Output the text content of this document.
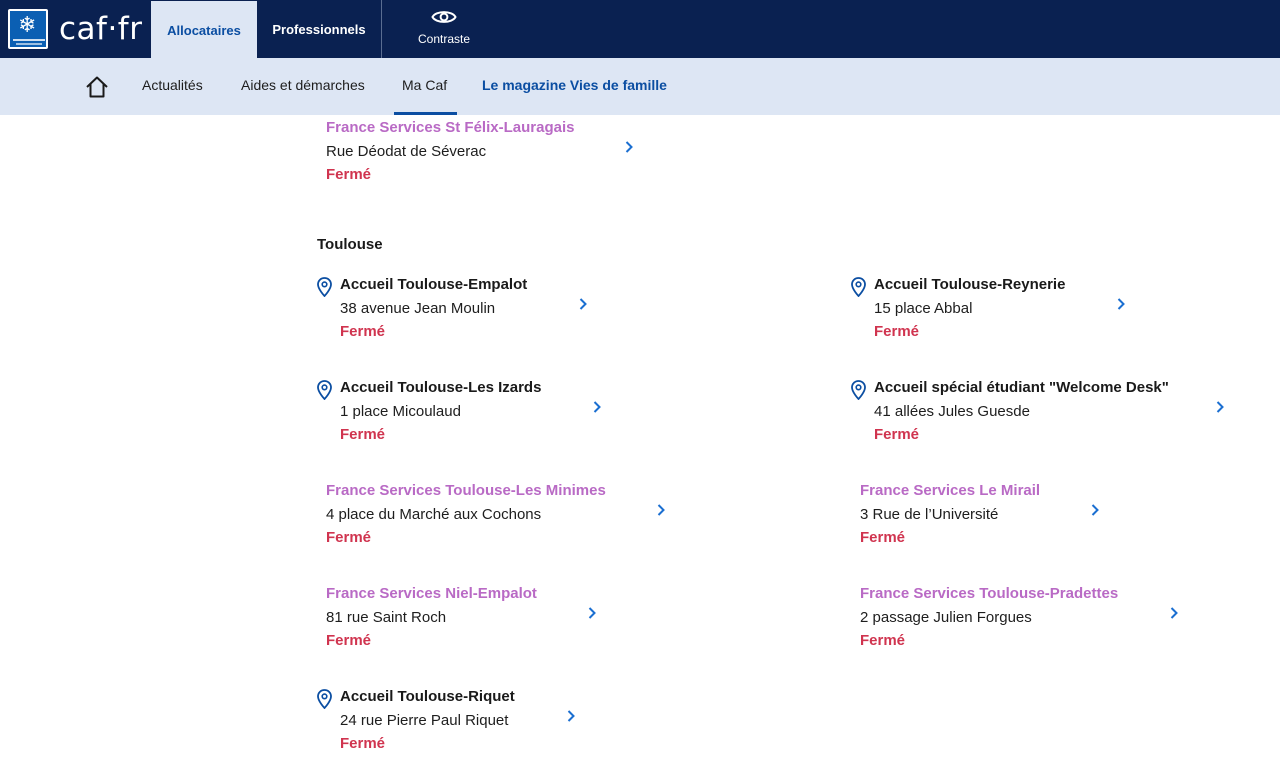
❄ caf·fr	Allocataires	Professionnels
Contraste
Actualités	Aides et démarches	Ma Caf	Le magazine Vies de famille
France Services St Félix-Lauragais
Rue Déodat de Séverac
Fermé
Toulouse
Accueil Toulouse-Empalot
38 avenue Jean Moulin
Fermé
Accueil Toulouse-Reynerie
15 place Abbal
Fermé
Accueil Toulouse-Les Izards
1 place Micoulaud
Fermé
Accueil spécial étudiant "Welcome Desk"
41 allées Jules Guesde
Fermé
France Services Toulouse-Les Minimes
4 place du Marché aux Cochons
Fermé
France Services Le Mirail
3 Rue de l’Université
Fermé
France Services Niel-Empalot
81 rue Saint Roch
Fermé
France Services Toulouse-Pradettes
2 passage Julien Forgues
Fermé
Accueil Toulouse-Riquet
24 rue Pierre Paul Riquet
Fermé
